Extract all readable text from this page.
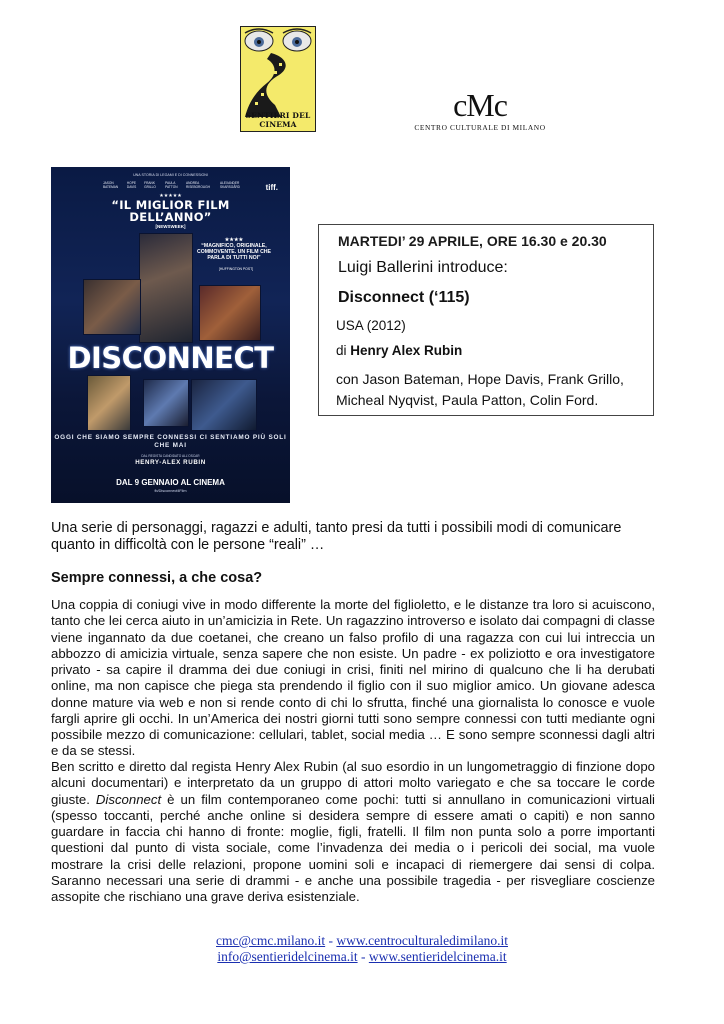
SENTIERI DEL CINEMA
cMc
CENTRO CULTURALE DI MILANO
UNA STORIA DI LEGAMI E DI CONNESSIONI
JASON BATEMAN
HOPE DAVIS
FRANK GRILLO
PAULA PATTON
ANDREA RISEBOROUGH
ALEXANDER SKARSGÅRD	tiff.
★★★★★
“IL MIGLIOR FILM DELL’ANNO”
[NEWSWEEK]
★★★★
“MAGNIFICO, ORIGINALE, COMMOVENTE. UN FILM CHE PARLA DI TUTTI NOI”
[HUFFINGTON POST]
DISCONNECT
OGGI CHE SIAMO SEMPRE CONNESSI CI SENTIAMO PIÙ SOLI CHE MAI
DAL REGISTA CANDIDATO ALL'OSCAR
HENRY-ALEX RUBIN
DAL 9 GENNAIO AL CINEMA
fb/DisconnectIlFilm
MARTEDI’ 29 APRILE, ORE 16.30 e 20.30
Luigi Ballerini introduce:
Disconnect (‘115)
USA (2012)
di Henry Alex Rubin
con Jason Bateman, Hope Davis, Frank Grillo,
Micheal Nyqvist, Paula Patton, Colin Ford.
Una serie di personaggi, ragazzi e adulti, tanto presi da tutti i possibili modi di comunicare quanto in difficoltà con le persone “reali” …
Sempre connessi, a che cosa?
Una coppia di coniugi vive in modo differente la morte del figlioletto, e le distanze tra loro si acuiscono, tanto che lei cerca aiuto in un’amicizia in Rete. Un ragazzino introverso e isolato dai compagni di classe viene ingannato da due coetanei, che creano un falso profilo di una ragazza con cui lui intreccia un abbozzo di amicizia virtuale, senza sapere che non esiste. Un padre - ex poliziotto e ora investigatore privato - sa capire il dramma dei due coniugi in crisi, finiti nel mirino di qualcuno che li ha derubati online, ma non capisce che piega sta prendendo il figlio con il suo miglior amico. Un giovane adesca donne mature via web e non si rende conto di chi lo sfrutta, finché una giornalista lo conosce e vuole fargli aprire gli occhi. In un’America dei nostri giorni tutti sono sempre connessi con tutti mediante ogni possibile mezzo di comunicazione: cellulari, tablet, social media … E sono sempre sconnessi dagli altri e da se stessi.
Ben scritto e diretto dal regista Henry Alex Rubin (al suo esordio in un lungometraggio di finzione dopo alcuni documentari) e interpretato da un gruppo di attori molto variegato e che sa toccare le corde giuste. Disconnect è un film contemporaneo come pochi: tutti si annullano in comunicazioni virtuali (spesso toccanti, perché anche online si desidera sempre di essere amati o capiti) e non sanno guardare in faccia chi hanno di fronte: moglie, figli, fratelli. Il film non punta solo a porre importanti questioni dal punto di vista sociale, come l’invadenza dei media o i pericoli dei social, ma vuole mostrare la crisi delle relazioni, propone uomini soli e incapaci di riemergere dai sensi di colpa. Saranno necessari una serie di drammi - e anche una possibile tragedia - per risvegliare coscienze assopite che rischiano una grave deriva esistenziale.
cmc@cmc.milano.it - www.centroculturaledimilano.it
info@sentieridelcinema.it - www.sentieridelcinema.it
